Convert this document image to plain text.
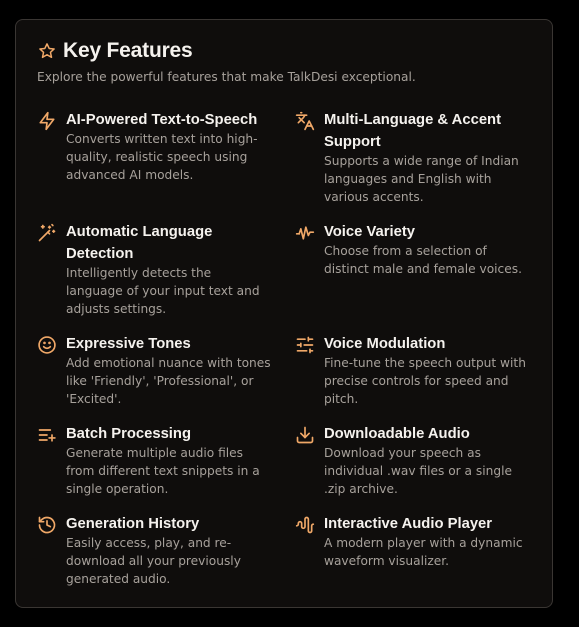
Key Features
Explore the powerful features that make TalkDesi exceptional.
AI-Powered Text-to-Speech
Converts written text into high-quality, realistic speech using advanced AI models.
Multi-Language & Accent Support
Supports a wide range of Indian languages and English with various accents.
Automatic Language Detection
Intelligently detects the language of your input text and adjusts settings.
Voice Variety
Choose from a selection of distinct male and female voices.
Expressive Tones
Add emotional nuance with tones like 'Friendly', 'Professional', or 'Excited'.
Voice Modulation
Fine-tune the speech output with precise controls for speed and pitch.
Batch Processing
Generate multiple audio files from different text snippets in a single operation.
Downloadable Audio
Download your speech as individual .wav files or a single .zip archive.
Generation History
Easily access, play, and re-download all your previously generated audio.
Interactive Audio Player
A modern player with a dynamic waveform visualizer.
